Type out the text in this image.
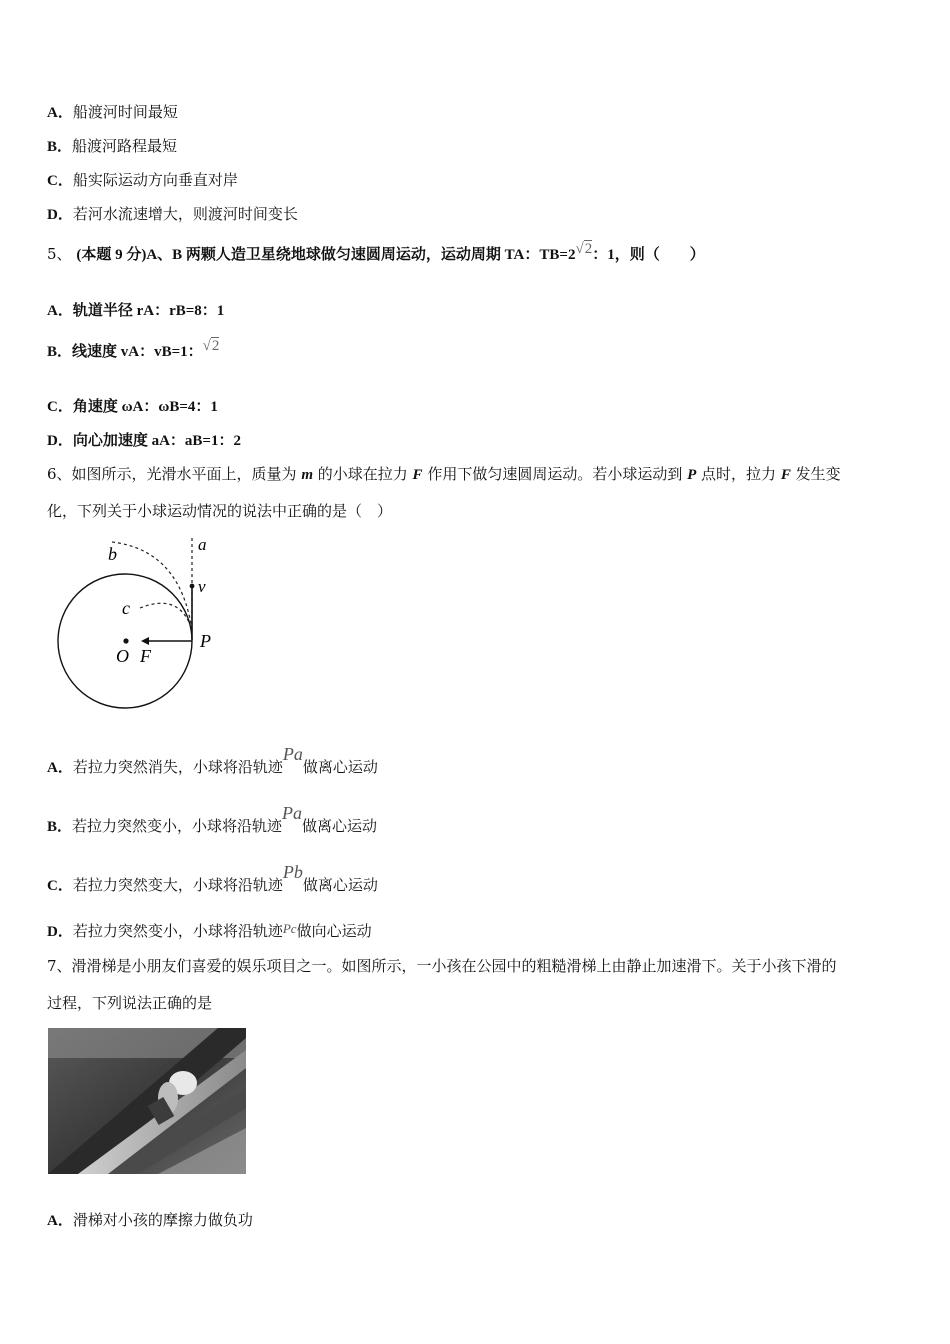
A．船渡河时间最短
B．船渡河路程最短
C．船实际运动方向垂直对岸
D．若河水流速增大，则渡河时间变长
5、 (本题 9 分)A、B 两颗人造卫星绕地球做匀速圆周运动，运动周期 TA：TB=2√2：1，则（　　）
A．轨道半径 rA：rB=8：1
B．线速度 vA：vB=1：√2
C．角速度 ωA：ωB=4：1
D．向心加速度 aA：aB=1：2
6、如图所示，光滑水平面上，质量为 m 的小球在拉力 F 作用下做匀速圆周运动。若小球运动到 P 点时，拉力 F 发生变
化，下列关于小球运动情况的说法中正确的是（　）
a
b
c
v
P
O F
A．若拉力突然消失，小球将沿轨迹Pa做离心运动
B．若拉力突然变小，小球将沿轨迹Pa做离心运动
C．若拉力突然变大，小球将沿轨迹Pb做离心运动
D．若拉力突然变小，小球将沿轨迹Pc做向心运动
7、滑滑梯是小朋友们喜爱的娱乐项目之一。如图所示，一小孩在公园中的粗糙滑梯上由静止加速滑下。关于小孩下滑的
过程，下列说法正确的是
A．滑梯对小孩的摩擦力做负功
